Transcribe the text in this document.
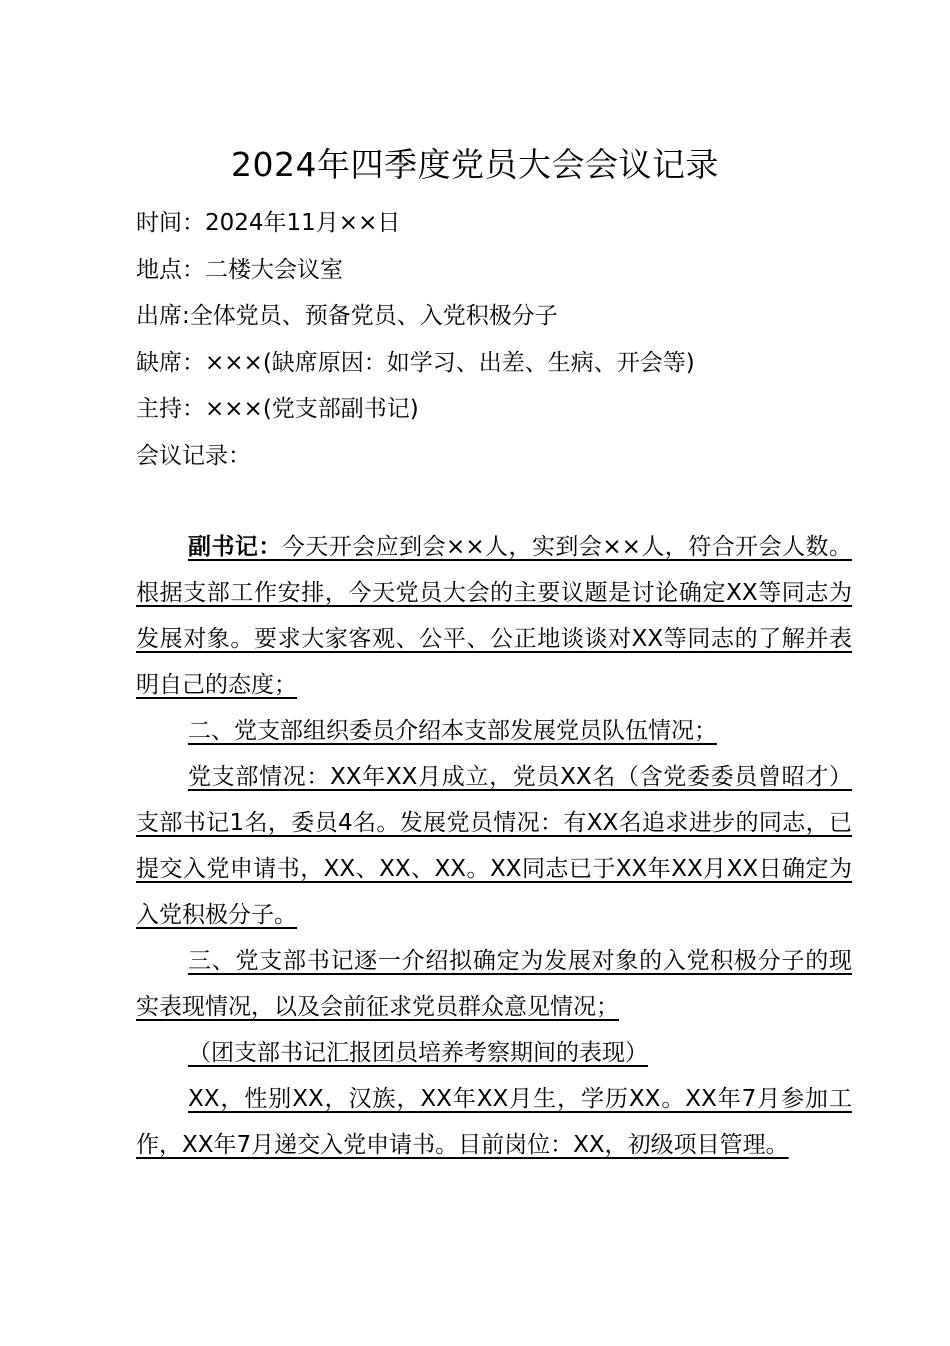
2024年四季度党员大会会议记录
时间：2024年11月××日
地点：二楼大会议室
出席:全体党员、预备党员、入党积极分子
缺席：×××(缺席原因：如学习、出差、生病、开会等)
主持：×××(党支部副书记)
会议记录：

副书记：今天开会应到会××人，实到会××人，符合开会人数。根据支部工作安排，今天党员大会的主要议题是讨论确定XX等同志为发展对象。要求大家客观、公平、公正地谈谈对XX等同志的了解并表明自己的态度；

二、党支部组织委员介绍本支部发展党员队伍情况；

党支部情况：XX年XX月成立，党员XX名（含党委委员曾昭才）支部书记1名，委员4名。发展党员情况：有XX名追求进步的同志，已提交入党申请书，XX、XX、XX。XX同志已于XX年XX月XX日确定为入党积极分子。

三、党支部书记逐一介绍拟确定为发展对象的入党积极分子的现实表现情况，以及会前征求党员群众意见情况；

（团支部书记汇报团员培养考察期间的表现）

XX，性别XX，汉族，XX年XX月生，学历XX。XX年7月参加工作，XX年7月递交入党申请书。目前岗位：XX，初级项目管理。
